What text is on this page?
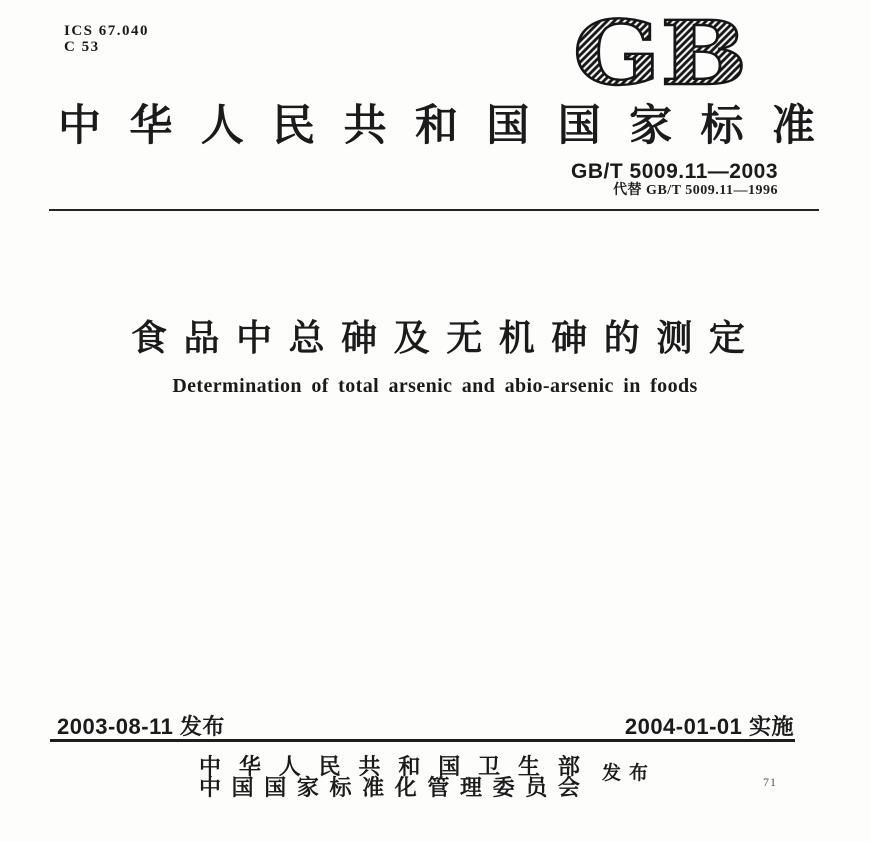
ICS 67.040
C 53	GB
中 华 人 民 共 和 国 国 家 标 准
GB/T 5009.11—2003
代替 GB/T 5009.11—1996
食 品 中 总 砷 及 无 机 砷 的 测 定
Determination of total arsenic and abio-arsenic in foods
2003-08-11 发布	2004-01-01 实施
中 华 人 民 共 和 国 卫 生 部
中 国 国 家 标 准 化 管 理 委 员 会
发 布	71
